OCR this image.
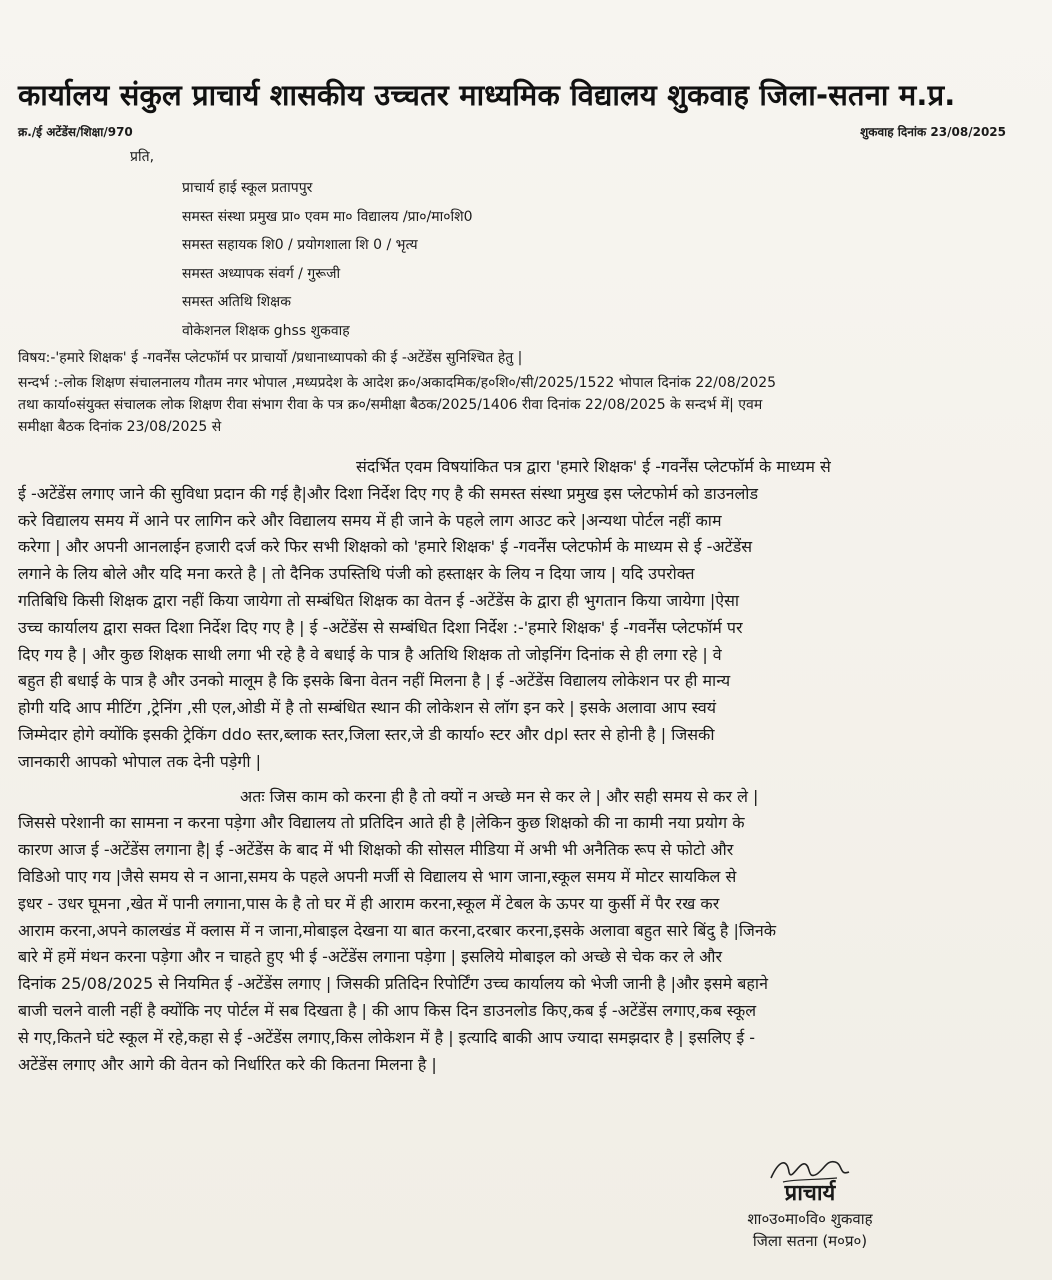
कार्यालय संकुल प्राचार्य शासकीय उच्चतर माध्यमिक विद्यालय शुकवाह जिला-सतना म.प्र.
क्र./ई अटेंडेंस/शिक्षा/970	शुकवाह दिनांक 23/08/2025
प्रति,
प्राचार्य हाई स्कूल प्रतापपुर
समस्त संस्था प्रमुख प्रा० एवम मा० विद्यालय /प्रा०/मा०शि0
समस्त सहायक शि0 / प्रयोगशाला शि 0 / भृत्य
समस्त अध्यापक संवर्ग / गुरूजी
समस्त अतिथि शिक्षक
वोकेशनल शिक्षक ghss शुकवाह

विषय:-'हमारे शिक्षक' ई -गवर्नेंस प्लेटफॉर्म पर प्राचार्यो /प्रधानाध्यापको की ई -अटेंडेंस सुनिश्चित हेतु |

सन्दर्भ :-लोक शिक्षण संचालनालय गौतम नगर भोपाल ,मध्यप्रदेश के आदेश क्र०/अकादमिक/ह०शि०/सी/2025/1522 भोपाल दिनांक 22/08/2025
तथा कार्या०संयुक्त संचालक लोक शिक्षण रीवा संभाग रीवा के पत्र क्र०/समीक्षा बैठक/2025/1406 रीवा दिनांक 22/08/2025 के सन्दर्भ में| एवम
समीक्षा बैठक दिनांक 23/08/2025 से

संदर्भित एवम विषयांकित पत्र द्वारा 'हमारे शिक्षक' ई -गवर्नेंस प्लेटफॉर्म के माध्यम से
ई -अटेंडेंस लगाए जाने की सुविधा प्रदान की गई है|और दिशा निर्देश दिए गए है की समस्त संस्था प्रमुख इस प्लेटफोर्म को डाउनलोड
करे विद्यालय समय में आने पर लागिन करे और विद्यालय समय में ही जाने के पहले लाग आउट करे |अन्यथा पोर्टल नहीं काम
करेगा | और अपनी आनलाईन हजारी दर्ज करे फिर सभी शिक्षको को 'हमारे शिक्षक' ई -गवर्नेंस प्लेटफोर्म के माध्यम से ई -अटेंडेंस
लगाने के लिय बोले और यदि मना करते है | तो दैनिक उपस्तिथि पंजी को हस्ताक्षर के लिय न दिया जाय | यदि उपरोक्त
गतिबिधि किसी शिक्षक द्वारा नहीं किया जायेगा तो सम्बंधित शिक्षक का वेतन ई -अटेंडेंस के द्वारा ही भुगतान किया जायेगा |ऐसा
उच्च कार्यालय द्वारा सक्त दिशा निर्देश दिए गए है | ई -अटेंडेंस से सम्बंधित दिशा निर्देश :-'हमारे शिक्षक' ई -गवर्नेंस प्लेटफॉर्म पर
दिए गय है | और कुछ शिक्षक साथी लगा भी रहे है वे बधाई के पात्र है अतिथि शिक्षक तो जोइनिंग दिनांक से ही लगा रहे | वे
बहुत ही बधाई के पात्र है और उनको मालूम है कि इसके बिना वेतन नहीं मिलना है | ई -अटेंडेंस विद्यालय लोकेशन पर ही मान्य
होगी यदि आप मीटिंग ,ट्रेनिंग ,सी एल,ओडी में है तो सम्बंधित स्थान की लोकेशन से लॉग इन करे | इसके अलावा आप स्वयं
जिम्मेदार होगे क्योंकि इसकी ट्रेकिंग ddo स्तर,ब्लाक स्तर,जिला स्तर,जे डी कार्या० स्टर और dpl स्तर से होनी है | जिसकी
जानकारी आपको भोपाल तक देनी पड़ेगी |

अतः जिस काम को करना ही है तो क्यों न अच्छे मन से कर ले | और सही समय से कर ले |
जिससे परेशानी का सामना न करना पड़ेगा और विद्यालय तो प्रतिदिन आते ही है |लेकिन कुछ शिक्षको की ना कामी नया प्रयोग के
कारण आज ई -अटेंडेंस लगाना है| ई -अटेंडेंस के बाद में भी शिक्षको की सोसल मीडिया में अभी भी अनैतिक रूप से फोटो और
विडिओ पाए गय |जैसे समय से न आना,समय के पहले अपनी मर्जी से विद्यालय से भाग जाना,स्कूल समय में मोटर सायकिल से
इधर - उधर घूमना ,खेत में पानी लगाना,पास के है तो घर में ही आराम करना,स्कूल में टेबल के ऊपर या कुर्सी में पैर रख कर
आराम करना,अपने कालखंड में क्लास में न जाना,मोबाइल देखना या बात करना,दरबार करना,इसके अलावा बहुत सारे बिंदु है |जिनके
बारे में हमें मंथन करना पड़ेगा और न चाहते हुए भी ई -अटेंडेंस लगाना पड़ेगा | इसलिये मोबाइल को अच्छे से चेक कर ले और
दिनांक 25/08/2025 से नियमित ई -अटेंडेंस लगाए | जिसकी प्रतिदिन रिपोर्टिंग उच्च कार्यालय को भेजी जानी है |और इसमे बहाने
बाजी चलने वाली नहीं है क्योंकि नए पोर्टल में सब दिखता है | की आप किस दिन डाउनलोड किए,कब ई -अटेंडेंस लगाए,कब स्कूल
से गए,कितने घंटे स्कूल में रहे,कहा से ई -अटेंडेंस लगाए,किस लोकेशन में है | इत्यादि बाकी आप ज्यादा समझदार है | इसलिए ई -
अटेंडेंस लगाए और आगे की वेतन को निर्धारित करे की कितना मिलना है |

प्राचार्य
शा०उ०मा०वि० शुकवाह
जिला सतना (म०प्र०)
